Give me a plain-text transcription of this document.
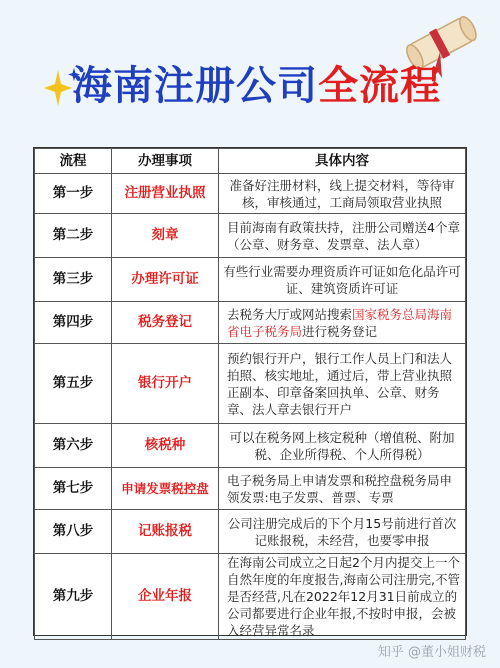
海南注册公司全流程
流程	办理事项	具体内容
第一步	注册营业执照	准备好注册材料，线上提交材料，等待审核，审核通过，工商局领取营业执照
第二步	刻章	目前海南有政策扶持，注册公司赠送4个章（公章、财务章、发票章、法人章）
第三步	办理许可证	有些行业需要办理资质许可证如危化品许可证、建筑资质许可证
第四步	税务登记	去税务大厅或网站搜索国家税务总局海南省电子税务局进行税务登记
第五步	银行开户	预约银行开户，银行工作人员上门和法人拍照、核实地址，通过后，带上营业执照正副本、印章备案回执单、公章、财务章、法人章去银行开户
第六步	核税种	可以在税务网上核定税种（增值税、附加税、企业所得税、个人所得税）
第七步	申请发票税控盘	电子税务局上申请发票和税控盘税务局申领发票:电子发票、普票、专票
第八步	记账报税	公司注册完成后的下个月15号前进行首次记账报税，未经营，也要零申报
第九步	企业年报	在海南公司成立之日起2个月内提交上一个自然年度的年度报告,海南公司注册完,不管是否经营,凡在2022年12月31日前成立的公司都要进行企业年报,不按时申报，会被入经营异常名录
知乎 @董小姐财税
